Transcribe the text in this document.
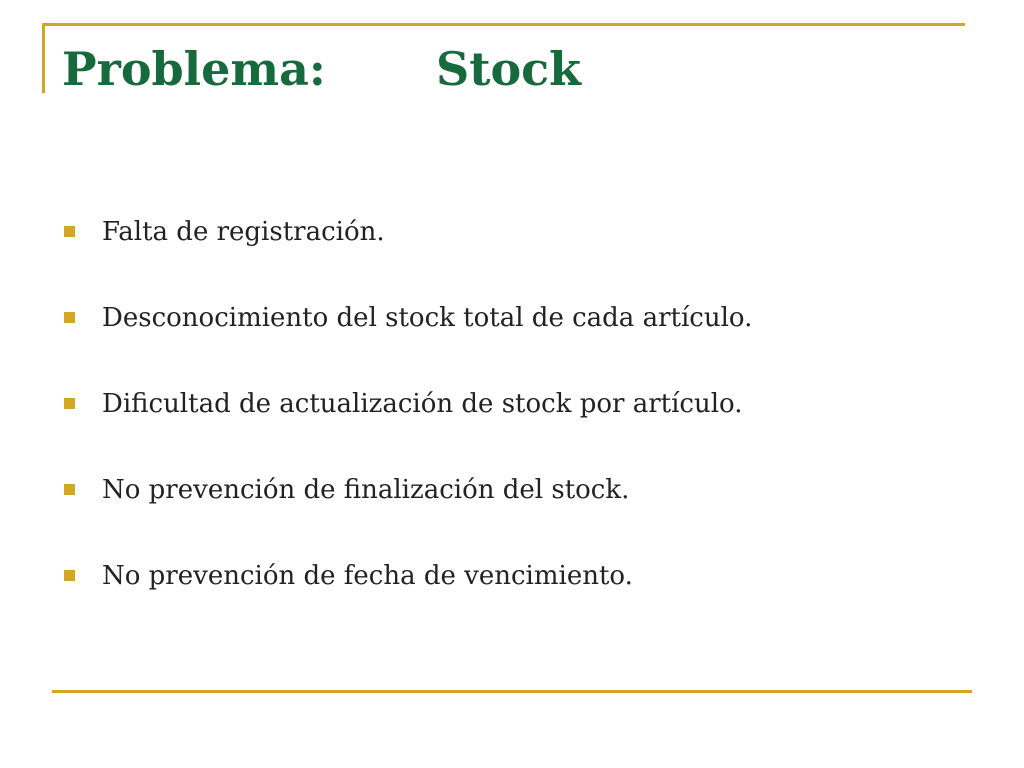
Problema: Stock
Falta de registración.
Desconocimiento del stock total de cada artículo.
Dificultad de actualización de stock por artículo.
No prevención de finalización del stock.
No prevención de fecha de vencimiento.
